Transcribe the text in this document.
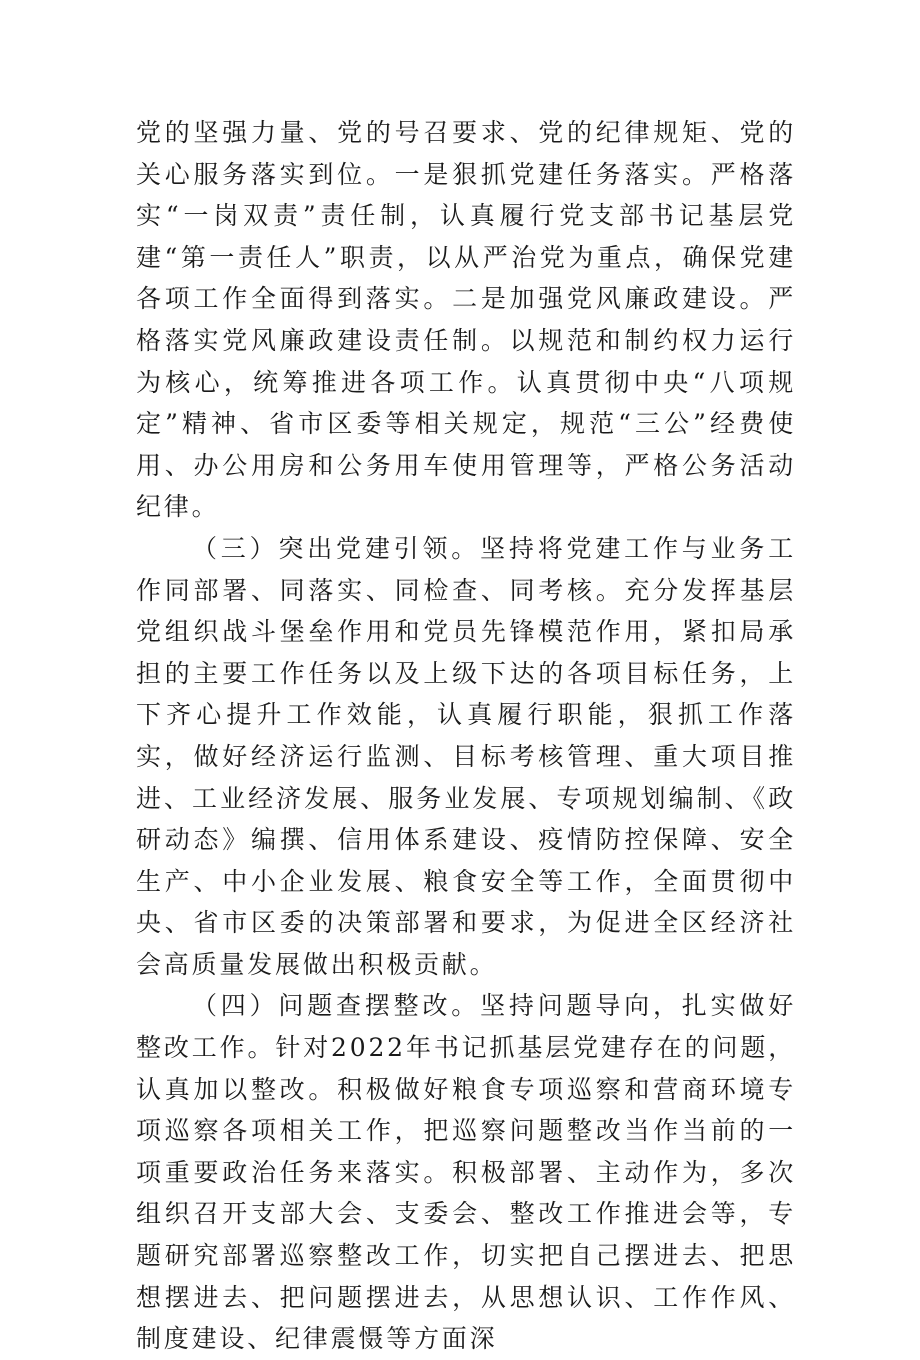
党的坚强力量、党的号召要求、党的纪律规矩、党的关心服务落实到位。一是狠抓党建任务落实。严格落实“一岗双责”责任制，认真履行党支部书记基层党建“第一责任人”职责，以从严治党为重点，确保党建各项工作全面得到落实。二是加强党风廉政建设。严格落实党风廉政建设责任制。以规范和制约权力运行为核心，统筹推进各项工作。认真贯彻中央“八项规定”精神、省市区委等相关规定，规范“三公”经费使用、办公用房和公务用车使用管理等，严格公务活动纪律。

（三）突出党建引领。坚持将党建工作与业务工作同部署、同落实、同检查、同考核。充分发挥基层党组织战斗堡垒作用和党员先锋模范作用，紧扣局承担的主要工作任务以及上级下达的各项目标任务，上下齐心提升工作效能，认真履行职能，狠抓工作落实，做好经济运行监测、目标考核管理、重大项目推进、工业经济发展、服务业发展、专项规划编制、《政研动态》编撰、信用体系建设、疫情防控保障、安全生产、中小企业发展、粮食安全等工作，全面贯彻中央、省市区委的决策部署和要求，为促进全区经济社会高质量发展做出积极贡献。

（四）问题查摆整改。坚持问题导向，扎实做好整改工作。针对2022年书记抓基层党建存在的问题，认真加以整改。积极做好粮食专项巡察和营商环境专项巡察各项相关工作，把巡察问题整改当作当前的一项重要政治任务来落实。积极部署、主动作为，多次组织召开支部大会、支委会、整改工作推进会等，专题研究部署巡察整改工作，切实把自己摆进去、把思想摆进去、把问题摆进去，从思想认识、工作作风、制度建设、纪律震慑等方面深
